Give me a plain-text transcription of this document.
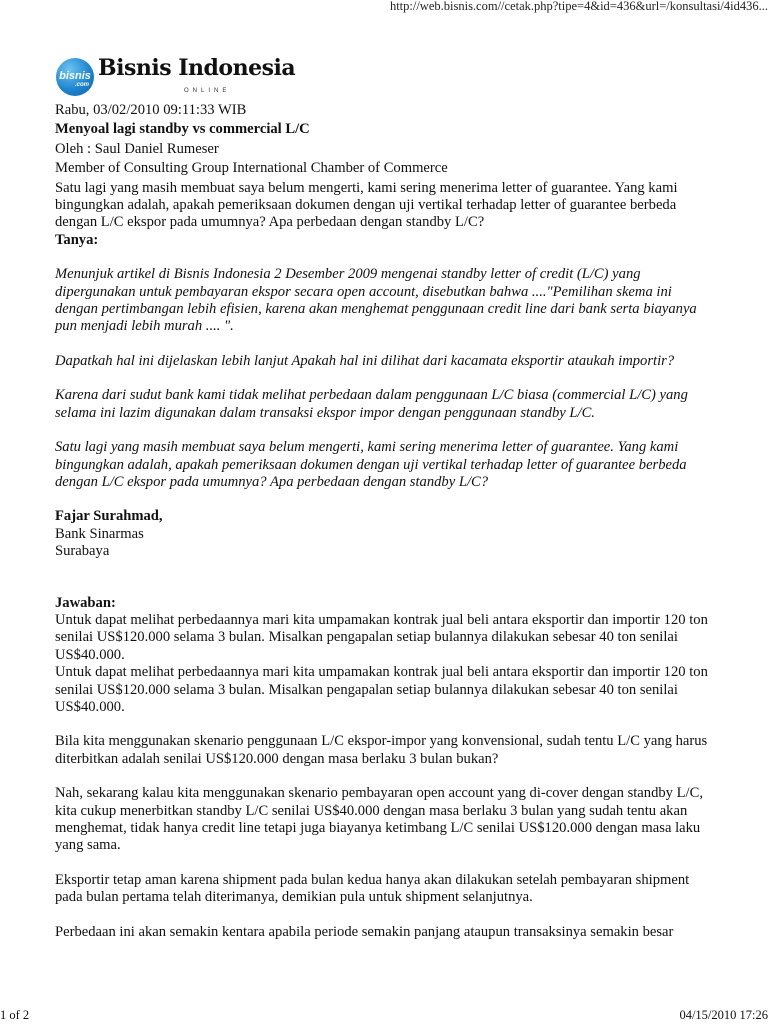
http://web.bisnis.com//cetak.php?tipe=4&id=436&url=/konsultasi/4id436...
bisnis
.com
Bisnis Indonesia
ONLINE

Rabu, 03/02/2010 09:11:33 WIB

Menyoal lagi standby vs commercial L/C

Oleh : Saul Daniel Rumeser

Member of Consulting Group International Chamber of Commerce

Satu lagi yang masih membuat saya belum mengerti, kami sering menerima letter of guarantee. Yang kami bingungkan adalah, apakah pemeriksaan dokumen dengan uji vertikal terhadap letter of guarantee berbeda dengan L/C ekspor pada umumnya? Apa perbedaan dengan standby L/C?

Tanya:

Menunjuk artikel di Bisnis Indonesia 2 Desember 2009 mengenai standby letter of credit (L/C) yang dipergunakan untuk pembayaran ekspor secara open account, disebutkan bahwa ...."Pemilihan skema ini dengan pertimbangan lebih efisien, karena akan menghemat penggunaan credit line dari bank serta biayanya pun menjadi lebih murah .... ".

Dapatkah hal ini dijelaskan lebih lanjut Apakah hal ini dilihat dari kacamata eksportir ataukah importir?

Karena dari sudut bank kami tidak melihat perbedaan dalam penggunaan L/C biasa (commercial L/C) yang selama ini lazim digunakan dalam transaksi ekspor impor dengan penggunaan standby L/C.

Satu lagi yang masih membuat saya belum mengerti, kami sering menerima letter of guarantee. Yang kami bingungkan adalah, apakah pemeriksaan dokumen dengan uji vertikal terhadap letter of guarantee berbeda dengan L/C ekspor pada umumnya? Apa perbedaan dengan standby L/C?

Fajar Surahmad,

Bank Sinarmas

Surabaya

Jawaban:

Untuk dapat melihat perbedaannya mari kita umpamakan kontrak jual beli antara eksportir dan importir 120 ton senilai US$120.000 selama 3 bulan. Misalkan pengapalan setiap bulannya dilakukan sebesar 40 ton senilai US$40.000.

Untuk dapat melihat perbedaannya mari kita umpamakan kontrak jual beli antara eksportir dan importir 120 ton senilai US$120.000 selama 3 bulan. Misalkan pengapalan setiap bulannya dilakukan sebesar 40 ton senilai US$40.000.

Bila kita menggunakan skenario penggunaan L/C ekspor-impor yang konvensional, sudah tentu L/C yang harus diterbitkan adalah senilai US$120.000 dengan masa berlaku 3 bulan bukan?

Nah, sekarang kalau kita menggunakan skenario pembayaran open account yang di-cover dengan standby L/C, kita cukup menerbitkan standby L/C senilai US$40.000 dengan masa berlaku 3 bulan yang sudah tentu akan menghemat, tidak hanya credit line tetapi juga biayanya ketimbang L/C senilai US$120.000 dengan masa laku yang sama.

Eksportir tetap aman karena shipment pada bulan kedua hanya akan dilakukan setelah pembayaran shipment pada bulan pertama telah diterimanya, demikian pula untuk shipment selanjutnya.

Perbedaan ini akan semakin kentara apabila periode semakin panjang ataupun transaksinya semakin besar

1 of 2	04/15/2010 17:26
